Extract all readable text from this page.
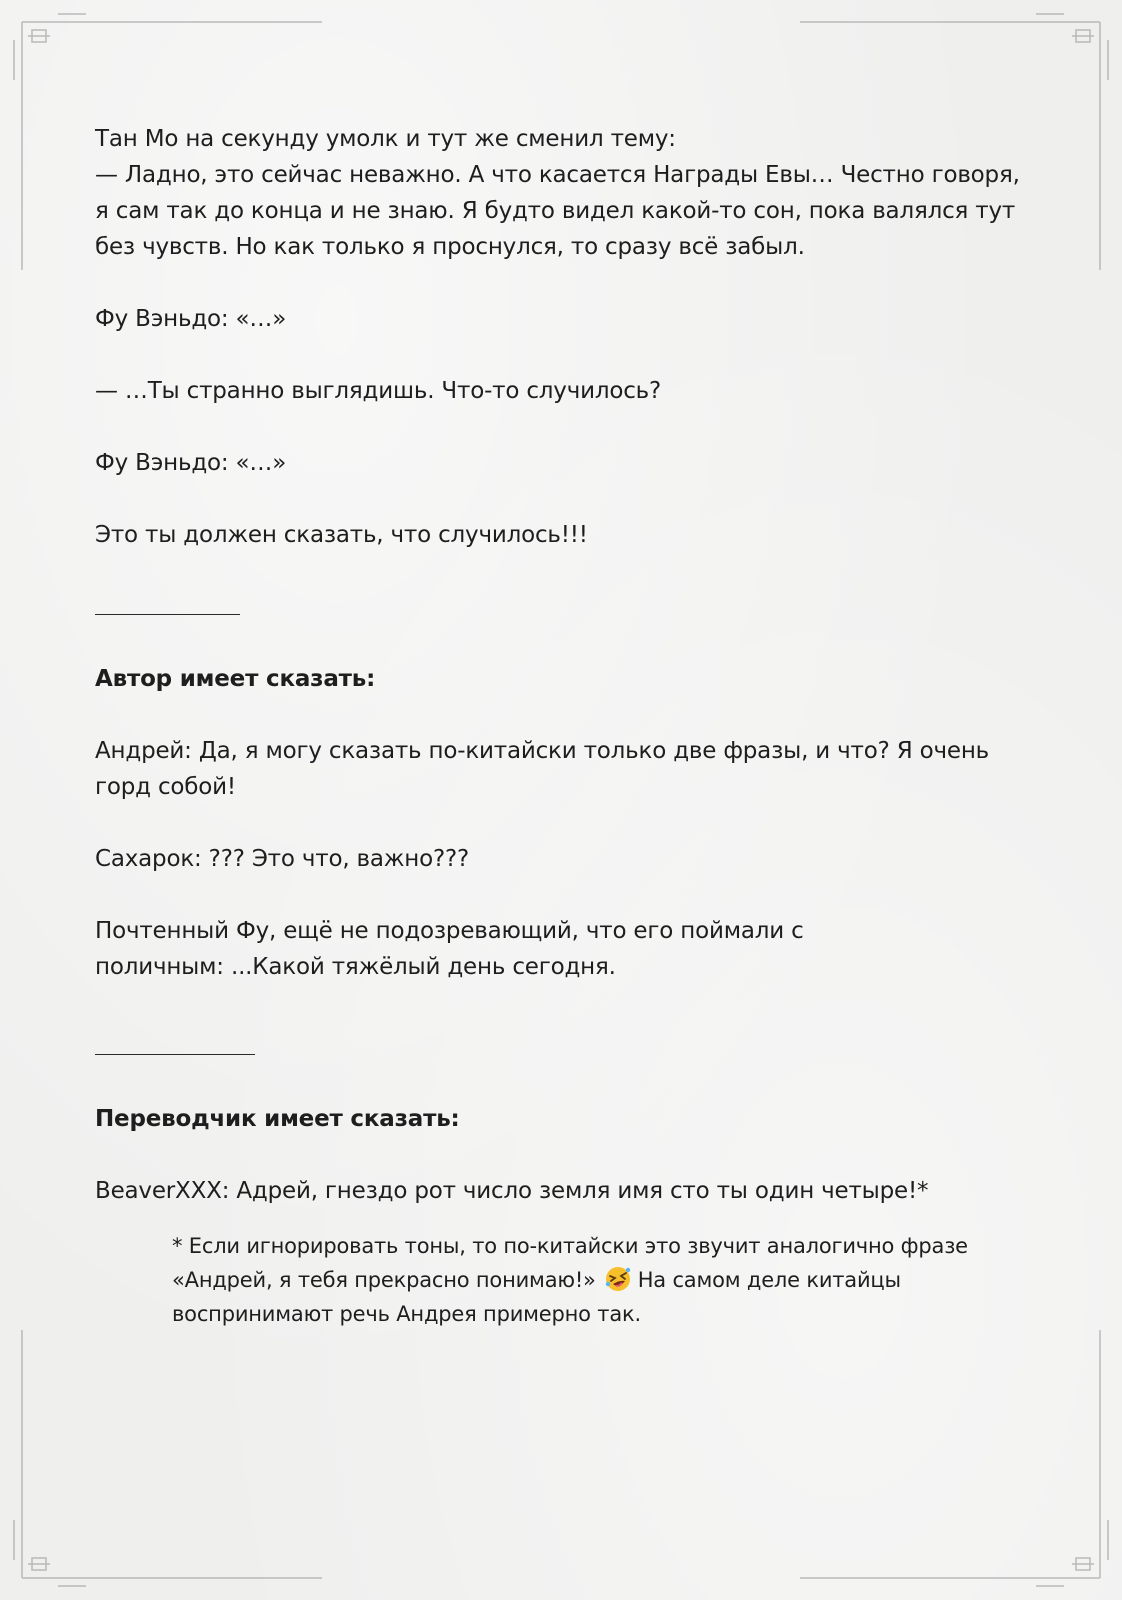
Тан Мо на секунду умолк и тут же сменил тему:

— Ладно, это сейчас неважно. А что касается Награды Евы… Честно говоря, я сам так до конца и не знаю. Я будто видел какой-то сон, пока валялся тут без чувств. Но как только я проснулся, то сразу всё забыл.

Фу Вэньдо: «…»

— …Ты странно выглядишь. Что-то случилось?

Фу Вэньдо: «…»

Это ты должен сказать, что случилось!!!

Автор имеет сказать:

Андрей: Да, я могу сказать по-китайски только две фразы, и что? Я очень горд собой!

Сахарок: ??? Это что, важно???

Почтенный Фу, ещё не подозревающий, что его поймали с поличным: ...Какой тяжёлый день сегодня.

Переводчик имеет сказать:

BeaverXXX: Адрей, гнездо рот число земля имя сто ты один четыре!*

* Если игнорировать тоны, то по-китайски это звучит аналогично фразе «Андрей, я тебя прекрасно понимаю!» На самом деле китайцы воспринимают речь Андрея примерно так.
